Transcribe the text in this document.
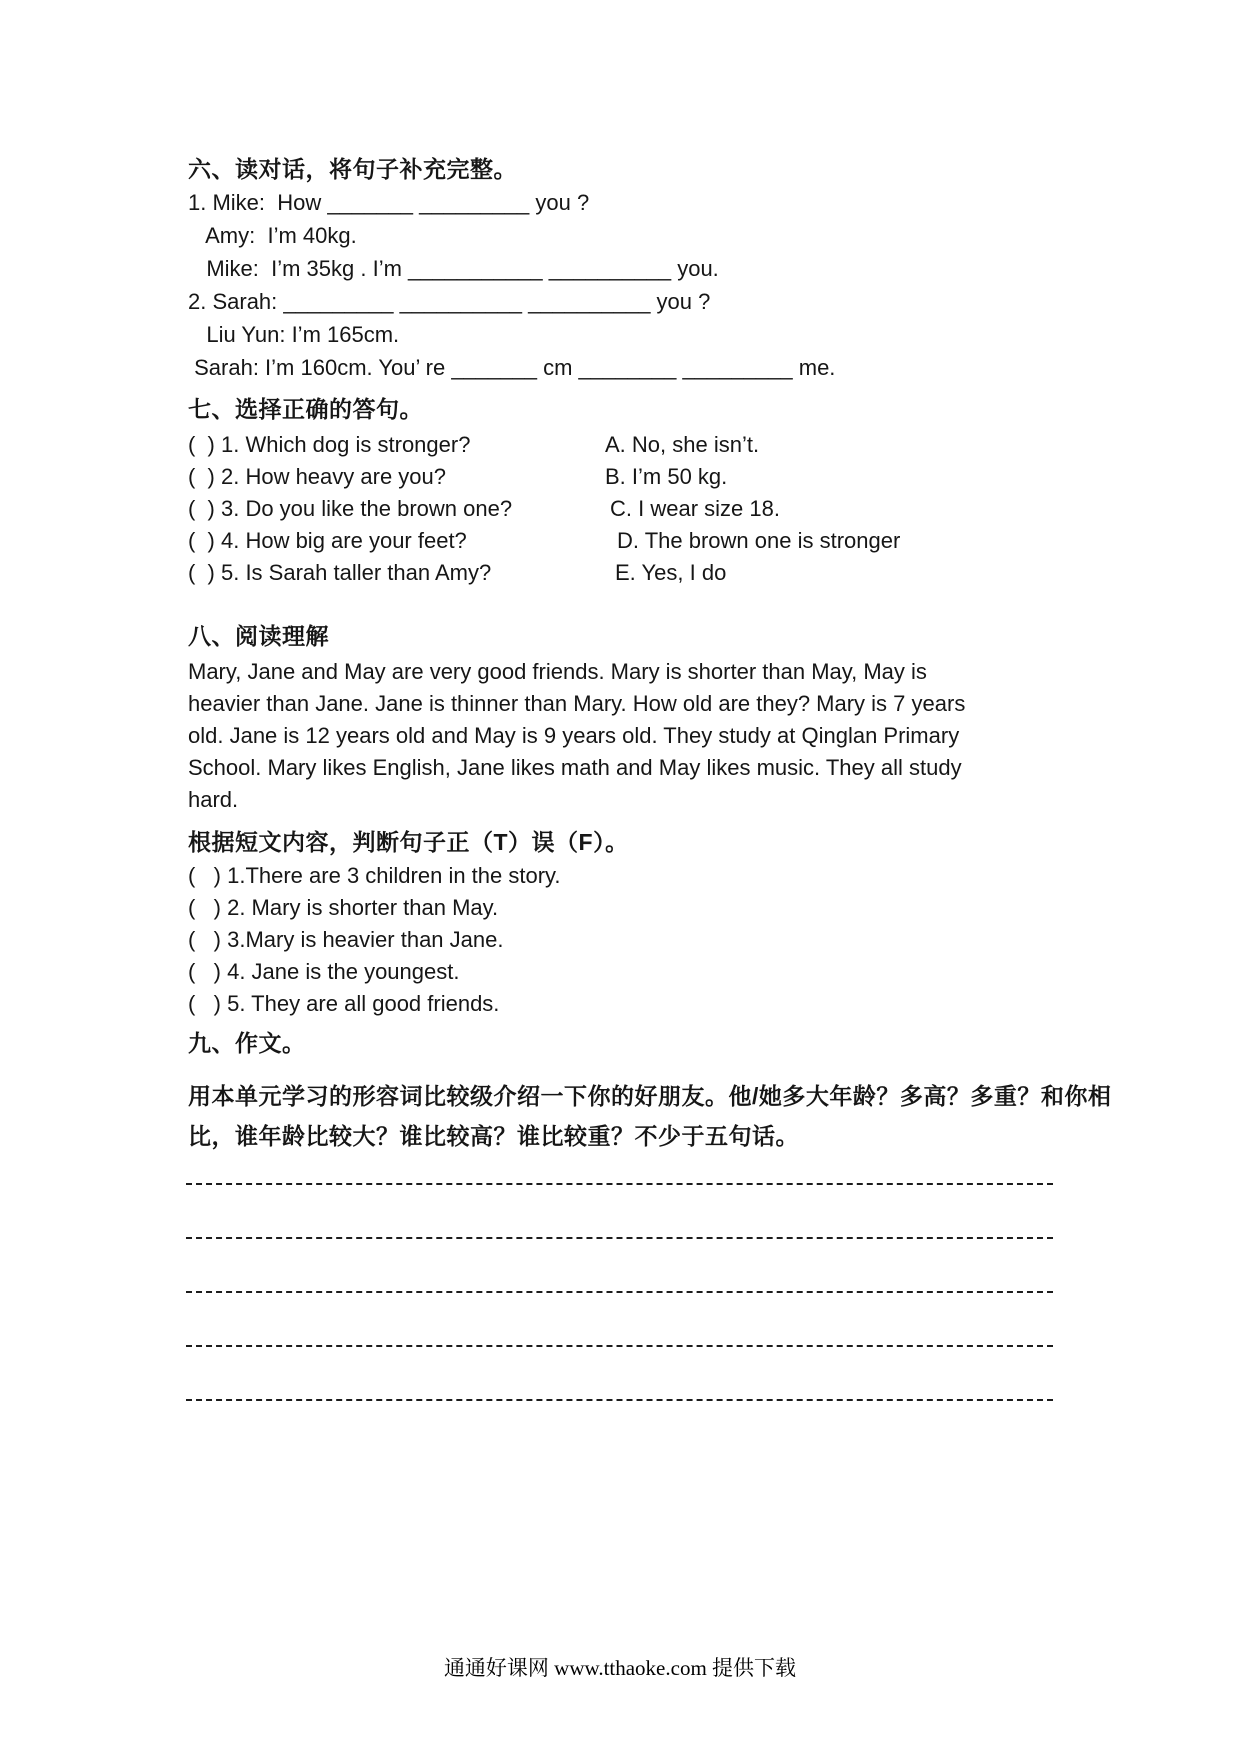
六、读对话，将句子补充完整。
1. Mike:  How _______ _________ you ?
Amy:  I’m 40kg.
Mike:  I’m 35kg . I’m ___________ __________ you.
2. Sarah: _________ __________ __________ you ?
Liu Yun: I’m 165cm.
Sarah: I’m 160cm. You’ re _______ cm ________ _________ me.
七、选择正确的答句。
(  ) 1. Which dog is stronger?	A. No, she isn’t.
(  ) 2. How heavy are you?	B. I’m 50 kg.
(  ) 3. Do you like the brown one?	C. I wear size 18.
(  ) 4. How big are your feet?	D. The brown one is stronger
(  ) 5. Is Sarah taller than Amy?	E. Yes, I do
八、阅读理解
Mary, Jane and May are very good friends. Mary is shorter than May, May is
heavier than Jane. Jane is thinner than Mary. How old are they? Mary is 7 years
old. Jane is 12 years old and May is 9 years old. They study at Qinglan Primary
School. Mary likes English, Jane likes math and May likes music. They all study
hard.
根据短文内容，判断句子正（T）误（F）。
(   ) 1.There are 3 children in the story.
(   ) 2. Mary is shorter than May.
(   ) 3.Mary is heavier than Jane.
(   ) 4. Jane is the youngest.
(   ) 5. They are all good friends.
九、作文。
用本单元学习的形容词比较级介绍一下你的好朋友。他/她多大年龄？多高？多重？和你相
比，谁年龄比较大？谁比较高？谁比较重？不少于五句话。
通通好课网 www.tthaoke.com 提供下载
